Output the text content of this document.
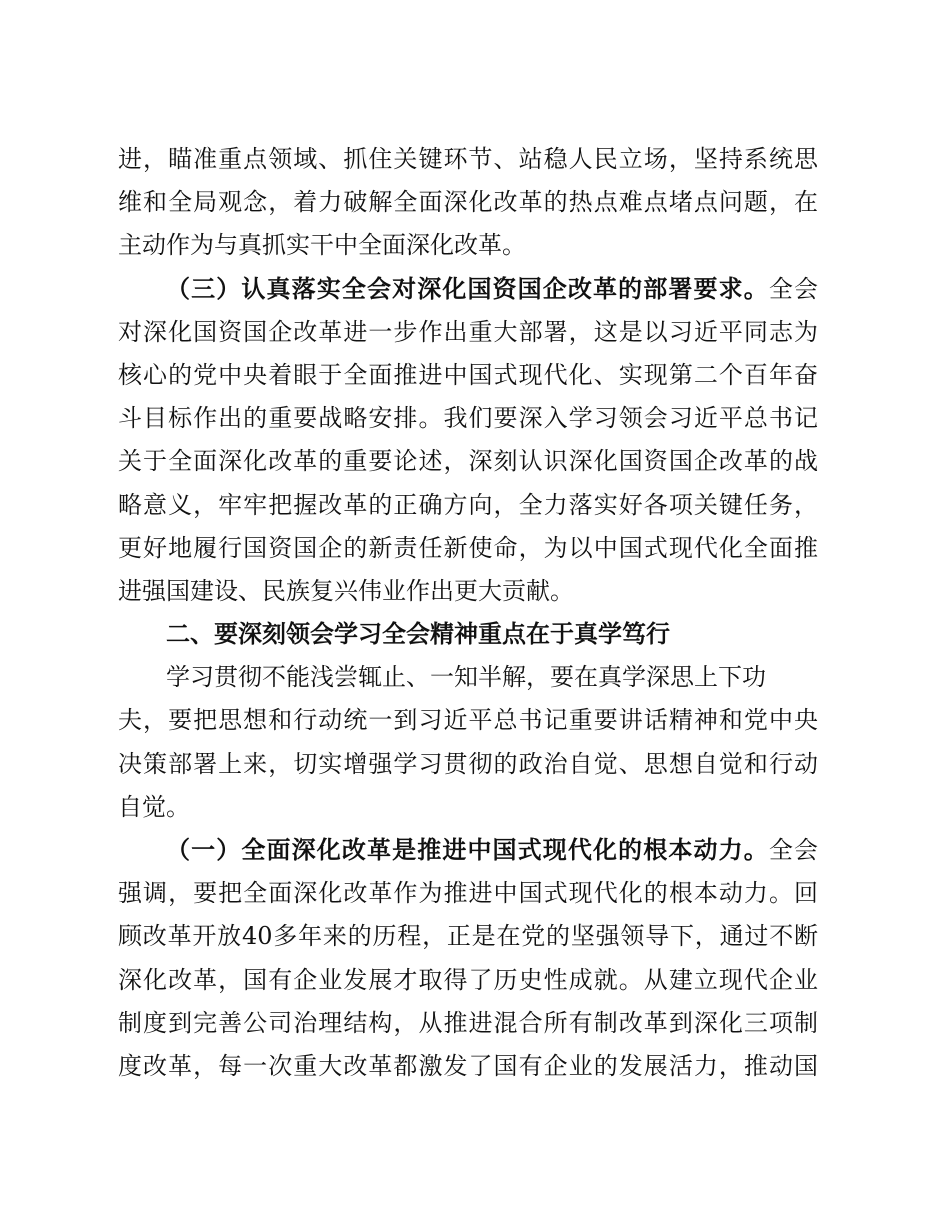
进，瞄准重点领域、抓住关键环节、站稳人民立场，坚持系统思
维和全局观念，着力破解全面深化改革的热点难点堵点问题，在
主动作为与真抓实干中全面深化改革。
（三）认真落实全会对深化国资国企改革的部署要求。全会
对深化国资国企改革进一步作出重大部署，这是以习近平同志为
核心的党中央着眼于全面推进中国式现代化、实现第二个百年奋
斗目标作出的重要战略安排。我们要深入学习领会习近平总书记
关于全面深化改革的重要论述，深刻认识深化国资国企改革的战
略意义，牢牢把握改革的正确方向，全力落实好各项关键任务，
更好地履行国资国企的新责任新使命，为以中国式现代化全面推
进强国建设、民族复兴伟业作出更大贡献。
二、要深刻领会学习全会精神重点在于真学笃行
学习贯彻不能浅尝辄止、一知半解，要在真学深思上下功
夫，要把思想和行动统一到习近平总书记重要讲话精神和党中央
决策部署上来，切实增强学习贯彻的政治自觉、思想自觉和行动
自觉。
（一）全面深化改革是推进中国式现代化的根本动力。全会
强调，要把全面深化改革作为推进中国式现代化的根本动力。回
顾改革开放40多年来的历程，正是在党的坚强领导下，通过不断
深化改革，国有企业发展才取得了历史性成就。从建立现代企业
制度到完善公司治理结构，从推进混合所有制改革到深化三项制
度改革，每一次重大改革都激发了国有企业的发展活力，推动国
